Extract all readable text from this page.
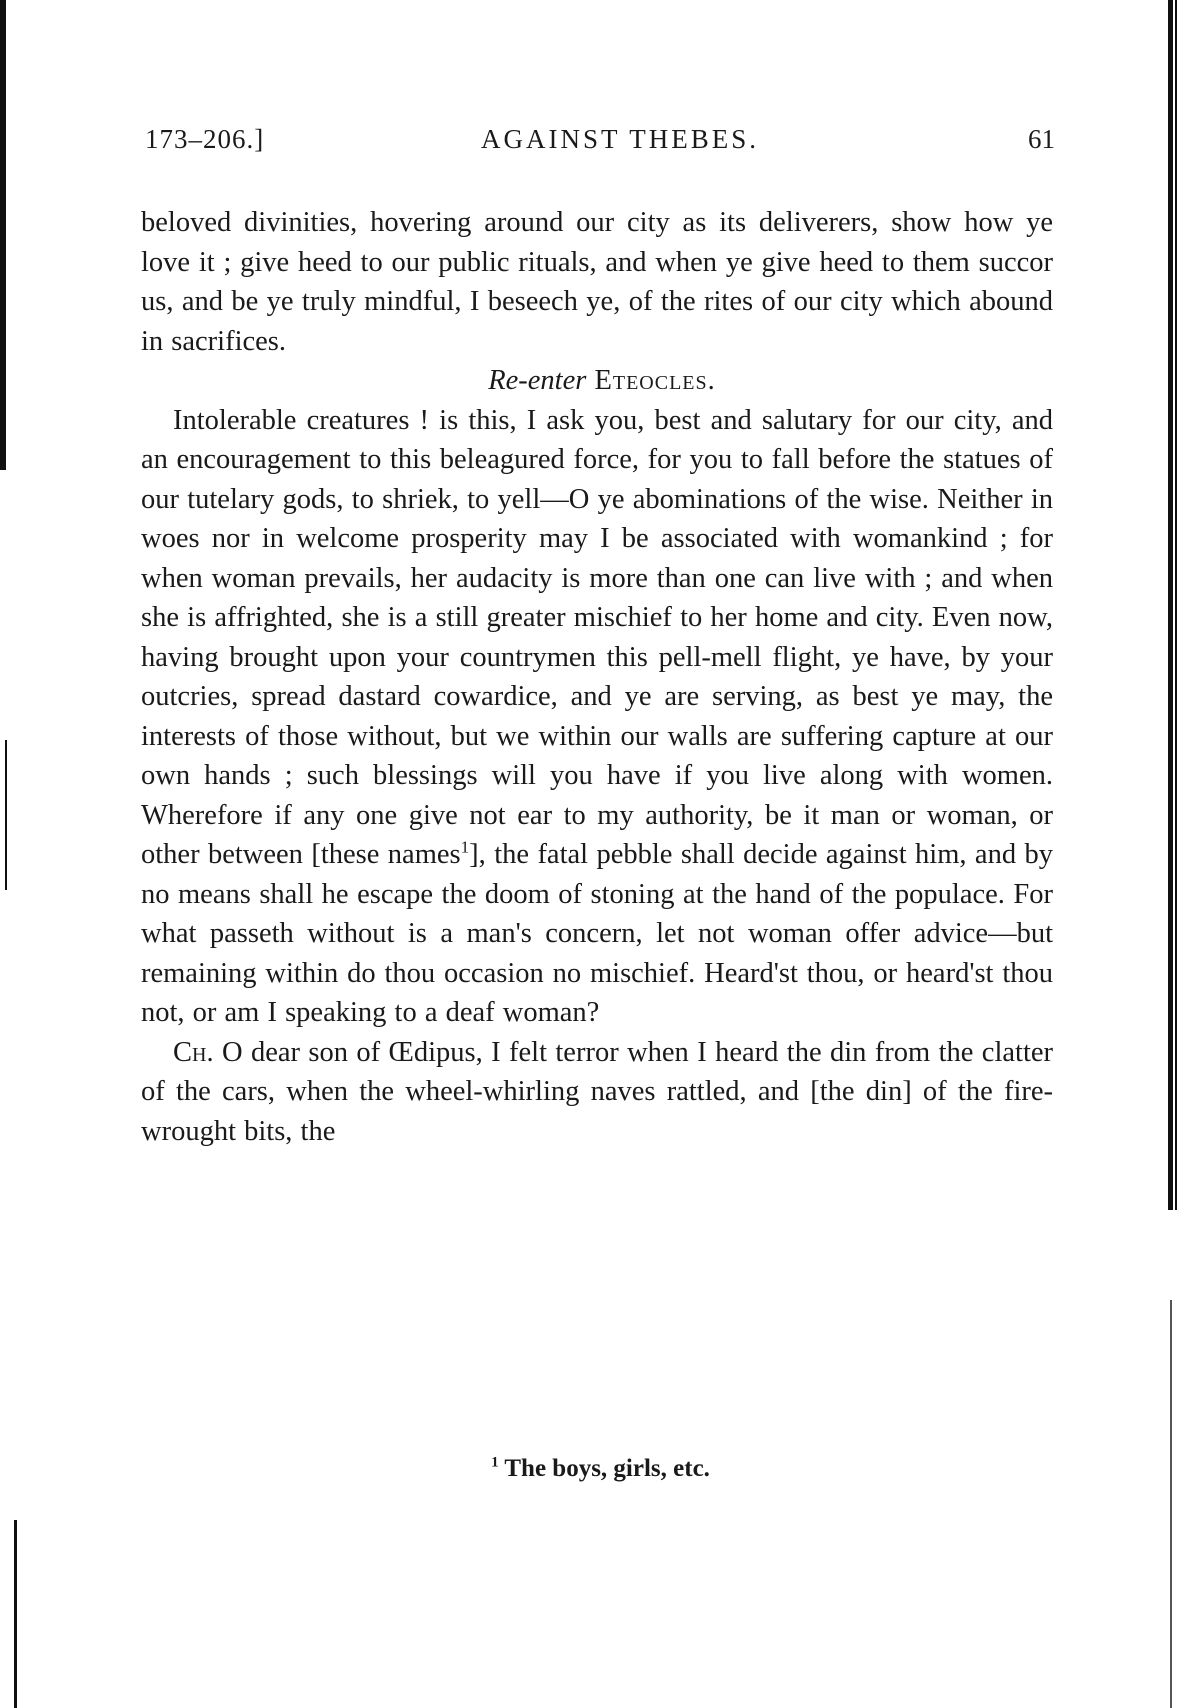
173–206.]	AGAINST THEBES.	61

beloved divinities, hovering around our city as its deliverers, show how ye love it ; give heed to our public rituals, and when ye give heed to them succor us, and be ye truly mindful, I beseech ye, of the rites of our city which abound in sacrifices.

Re-enter Eteocles.

Intolerable creatures ! is this, I ask you, best and salutary for our city, and an encouragement to this beleagured force, for you to fall before the statues of our tutelary gods, to shriek, to yell—O ye abominations of the wise. Neither in woes nor in welcome prosperity may I be associated with womankind ; for when woman prevails, her audacity is more than one can live with ; and when she is affrighted, she is a still greater mischief to her home and city. Even now, having brought upon your countrymen this pell-mell flight, ye have, by your outcries, spread dastard cowardice, and ye are serving, as best ye may, the interests of those without, but we within our walls are suffering capture at our own hands ; such blessings will you have if you live along with women. Wherefore if any one give not ear to my authority, be it man or woman, or other between [these names$^1$], the fatal pebble shall decide against him, and by no means shall he escape the doom of stoning at the hand of the populace. For what passeth without is a man's concern, let not woman offer advice—but remaining within do thou occasion no mischief. Heard'st thou, or heard'st thou not, or am I speaking to a deaf woman?

Ch. O dear son of Œdipus, I felt terror when I heard the din from the clatter of the cars, when the wheel-whirling naves rattled, and [the din] of the fire-wrought bits, the

$^1$ The boys, girls, etc.
